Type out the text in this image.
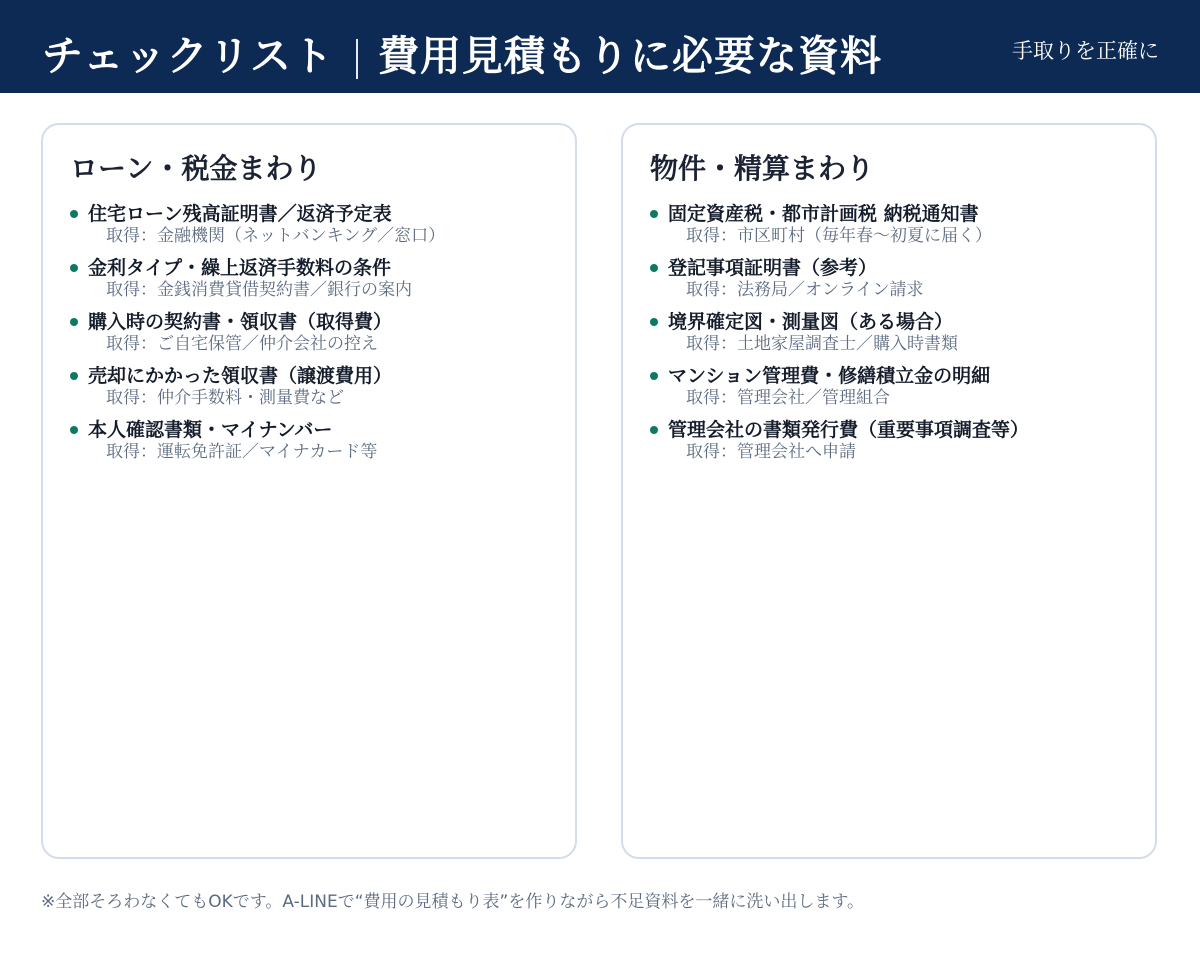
チェックリスト 費用見積もりに必要な資料	手取りを正確に
ローン・税金まわり
住宅ローン残高証明書／返済予定表
取得：金融機関（ネットバンキング／窓口）
金利タイプ・繰上返済手数料の条件
取得：金銭消費貸借契約書／銀行の案内
購入時の契約書・領収書（取得費）
取得：ご自宅保管／仲介会社の控え
売却にかかった領収書（譲渡費用）
取得：仲介手数料・測量費など
本人確認書類・マイナンバー
取得：運転免許証／マイナカード等
物件・精算まわり
固定資産税・都市計画税 納税通知書
取得：市区町村（毎年春〜初夏に届く）
登記事項証明書（参考）
取得：法務局／オンライン請求
境界確定図・測量図（ある場合）
取得：土地家屋調査士／購入時書類
マンション管理費・修繕積立金の明細
取得：管理会社／管理組合
管理会社の書類発行費（重要事項調査等）
取得：管理会社へ申請
※全部そろわなくてもOKです。A-LINEで“費用の見積もり表”を作りながら不足資料を一緒に洗い出します。
